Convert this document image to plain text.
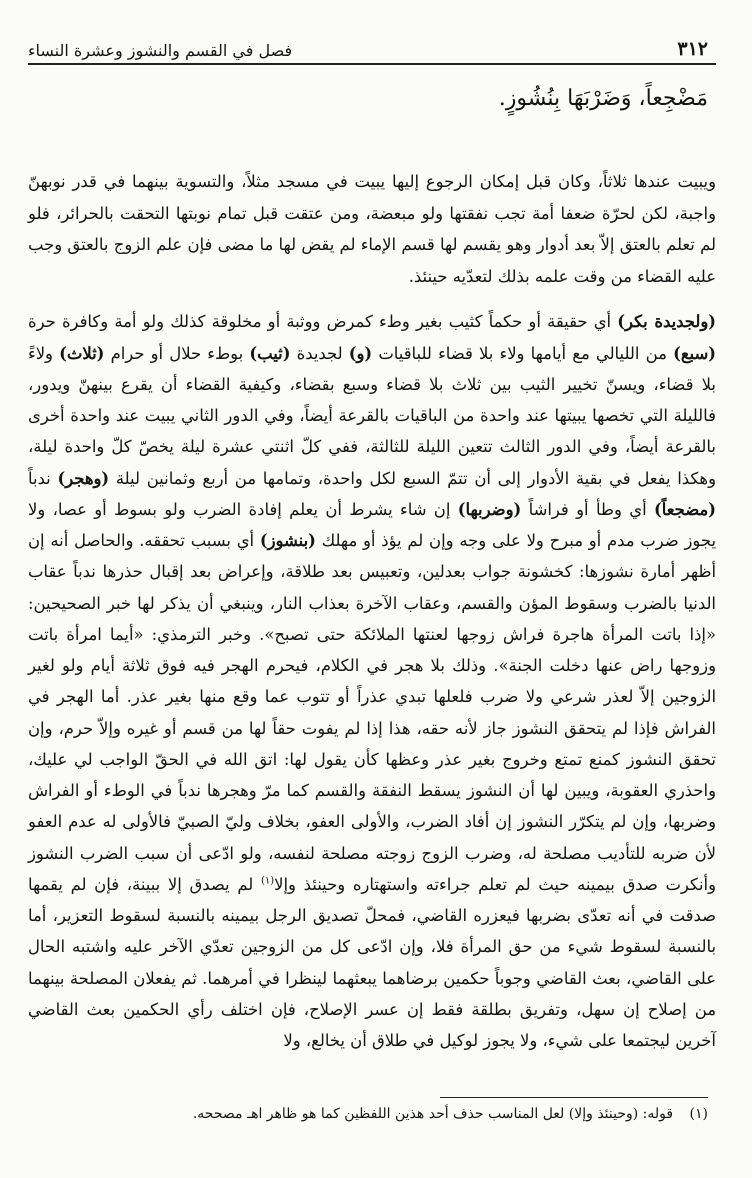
٣١٢
فصل في القسم والنشوز وعشرة النساء
مَضْجِعاً، وَضَرْبَهَا بِنُشُوزٍ.

ويبيت عندها ثلاثاً، وكان قبل إمكان الرجوع إليها يبيت في مسجد مثلاً، والتسوية بينهما في قدر نوبهنّ واجبة، لكن لحرّة ضعفا أمة تجب نفقتها ولو مبعضة، ومن عتقت قبل تمام نوبتها التحقت بالحرائر، فلو لم تعلم بالعتق إلاّ بعد أدوار وهو يقسم لها قسم الإماء لم يقض لها ما مضى فإن علم الزوج بالعتق وجب عليه القضاء من وقت علمه بذلك لتعدّيه حينئذ.

(ولجديدة بكر) أي حقيقة أو حكماً كثيب بغير وطء كمرض ووثبة أو مخلوقة كذلك ولو أمة وكافرة حرة (سبع) من الليالي مع أيامها ولاء بلا قضاء للباقيات (و) لجديدة (ثيب) بوطء حلال أو حرام (ثلاث) ولاءً بلا قضاء، ويسنّ تخيير الثيب بين ثلاث بلا قضاء وسبع بقضاء، وكيفية القضاء أن يقرع بينهنّ ويدور، فالليلة التي تخصها يبيتها عند واحدة من الباقيات بالقرعة أيضاً، وفي الدور الثاني يبيت عند واحدة أخرى بالقرعة أيضاً، وفي الدور الثالث تتعين الليلة للثالثة، ففي كلّ اثنتي عشرة ليلة يخصّ كلّ واحدة ليلة، وهكذا يفعل في بقية الأدوار إلى أن تتمّ السبع لكل واحدة، وتمامها من أربع وثمانين ليلة (وهجر) ندباً (مضجعاً) أي وطأ أو فراشاً (وضربها) إن شاء يشرط أن يعلم إفادة الضرب ولو بسوط أو عصا، ولا يجوز ضرب مدم أو مبرح ولا على وجه وإن لم يؤذ أو مهلك (بنشوز) أي بسبب تحققه. والحاصل أنه إن أظهر أمارة نشوزها: كخشونة جواب بعدلين، وتعبيس بعد طلاقة، وإعراض بعد إقبال حذرها ندباً عقاب الدنيا بالضرب وسقوط المؤن والقسم، وعقاب الآخرة بعذاب النار، وينبغي أن يذكر لها خبر الصحيحين: «إذا باتت المرأة هاجرة فراش زوجها لعنتها الملائكة حتى تصبح». وخبر الترمذي: «أيما امرأة باتت وزوجها راض عنها دخلت الجنة». وذلك بلا هجر في الكلام، فيحرم الهجر فيه فوق ثلاثة أيام ولو لغير الزوجين إلاّ لعذر شرعي ولا ضرب فلعلها تبدي عذراً أو تتوب عما وقع منها بغير عذر. أما الهجر في الفراش فإذا لم يتحقق النشوز جاز لأنه حقه، هذا إذا لم يفوت حقاً لها من قسم أو غيره وإلاّ حرم، وإن تحقق النشوز كمنع تمتع وخروج بغير عذر وعظها كأن يقول لها: اتق الله في الحقّ الواجب لي عليك، واحذري العقوبة، ويبين لها أن النشوز يسقط النفقة والقسم كما مرّ وهجرها ندباً في الوطء أو الفراش وضربها، وإن لم يتكرّر النشوز إن أفاد الضرب، والأولى العفو، بخلاف وليّ الصبيّ فالأولى له عدم العفو لأن ضربه للتأديب مصلحة له، وضرب الزوج زوجته مصلحة لنفسه، ولو ادّعى أن سبب الضرب النشوز وأنكرت صدق بيمينه حيث لم تعلم جراءته واستهتاره وحينئذ وإلا$^{(١)}$ لم يصدق إلا ببينة، فإن لم يقمها صدقت في أنه تعدّى بضربها فيعزره القاضي، فمحلّ تصديق الرجل بيمينه بالنسبة لسقوط التعزير، أما بالنسبة لسقوط شيء من حق المرأة فلا، وإن ادّعى كل من الزوجين تعدّي الآخر عليه واشتبه الحال على القاضي، بعث القاضي وجوباً حكمين برضاهما يبعثهما لينظرا في أمرهما. ثم يفعلان المصلحة بينهما من إصلاح إن سهل، وتفريق بطلقة فقط إن عسر الإصلاح، فإن اختلف رأي الحكمين بعث القاضي آخرين ليجتمعا على شيء، ولا يجوز لوكيل في طلاق أن يخالع، ولا

(١) قوله: (وحينئذ وإلا) لعل المناسب حذف أحد هذين اللفظين كما هو ظاهر اهـ مصححه.
